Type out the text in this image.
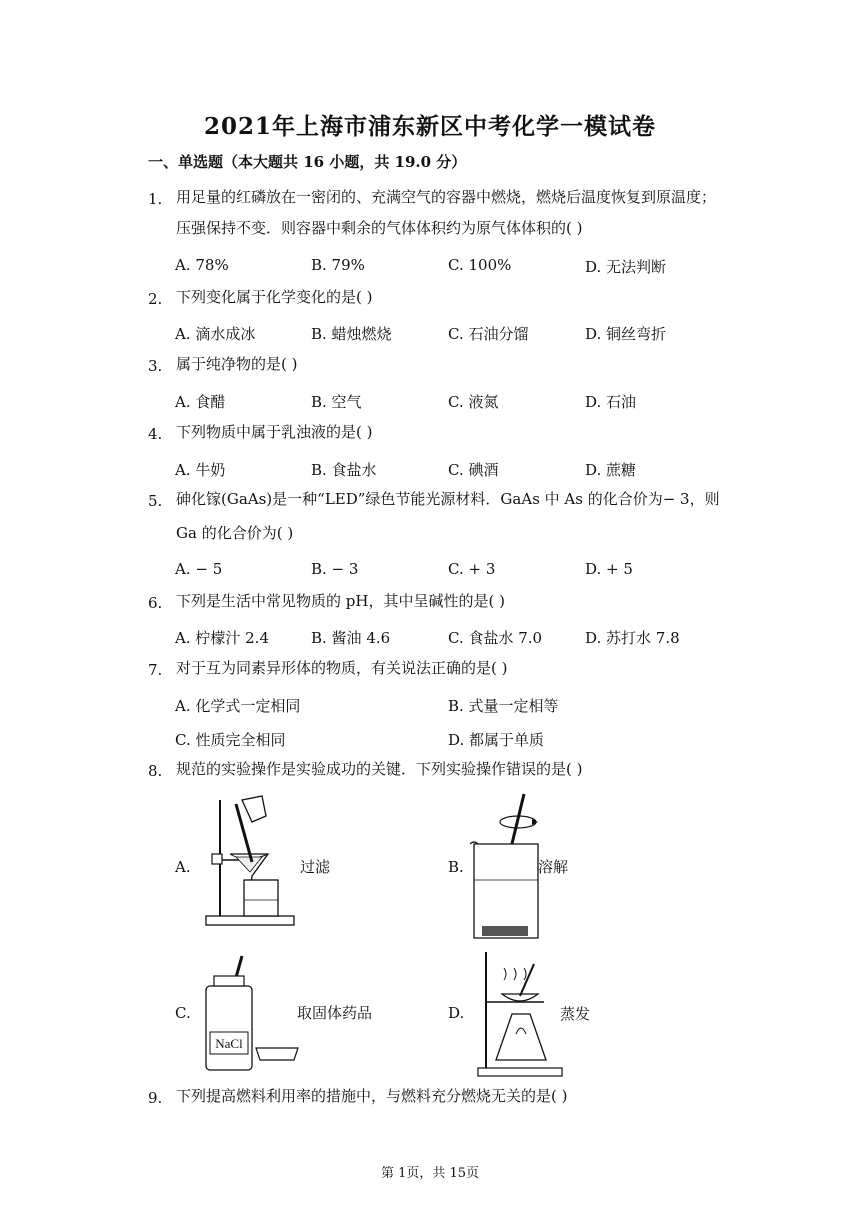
2021年上海市浦东新区中考化学一模试卷
一、单选题（本大题共 16 小题，共 19.0 分）
1. 用足量的红磷放在一密闭的、充满空气的容器中燃烧，燃烧后温度恢复到原温度；
压强保持不变．则容器中剩余的气体体积约为原气体体积的( )
A. 78%	B. 79%	C. 100%	D. 无法判断
2. 下列变化属于化学变化的是( )
A. 滴水成冰	B. 蜡烛燃烧	C. 石油分馏	D. 铜丝弯折
3. 属于纯净物的是( )
A. 食醋	B. 空气	C. 液氮	D. 石油
4. 下列物质中属于乳浊液的是( )
A. 牛奶	B. 食盐水	C. 碘酒	D. 蔗糖
5. 砷化镓(GaAs)是一种“LED”绿色节能光源材料．GaAs 中 As 的化合价为− 3，则
Ga 的化合价为( )
A. − 5	B. − 3	C. + 3	D. + 5
6. 下列是生活中常见物质的 pH，其中呈碱性的是( )
A. 柠檬汁 2.4	B. 酱油 4.6	C. 食盐水 7.0	D. 苏打水 7.8
7. 对于互为同素异形体的物质，有关说法正确的是( )
A. 化学式一定相同	B. 式量一定相等
C. 性质完全相同	D. 都属于单质
8. 规范的实验操作是实验成功的关键．下列实验操作错误的是( )
A.	过滤	B.	溶解
C.	取固体药品	D.	蒸发
NaCl
9. 下列提高燃料利用率的措施中，与燃料充分燃烧无关的是( )
第 1页，共 15页
